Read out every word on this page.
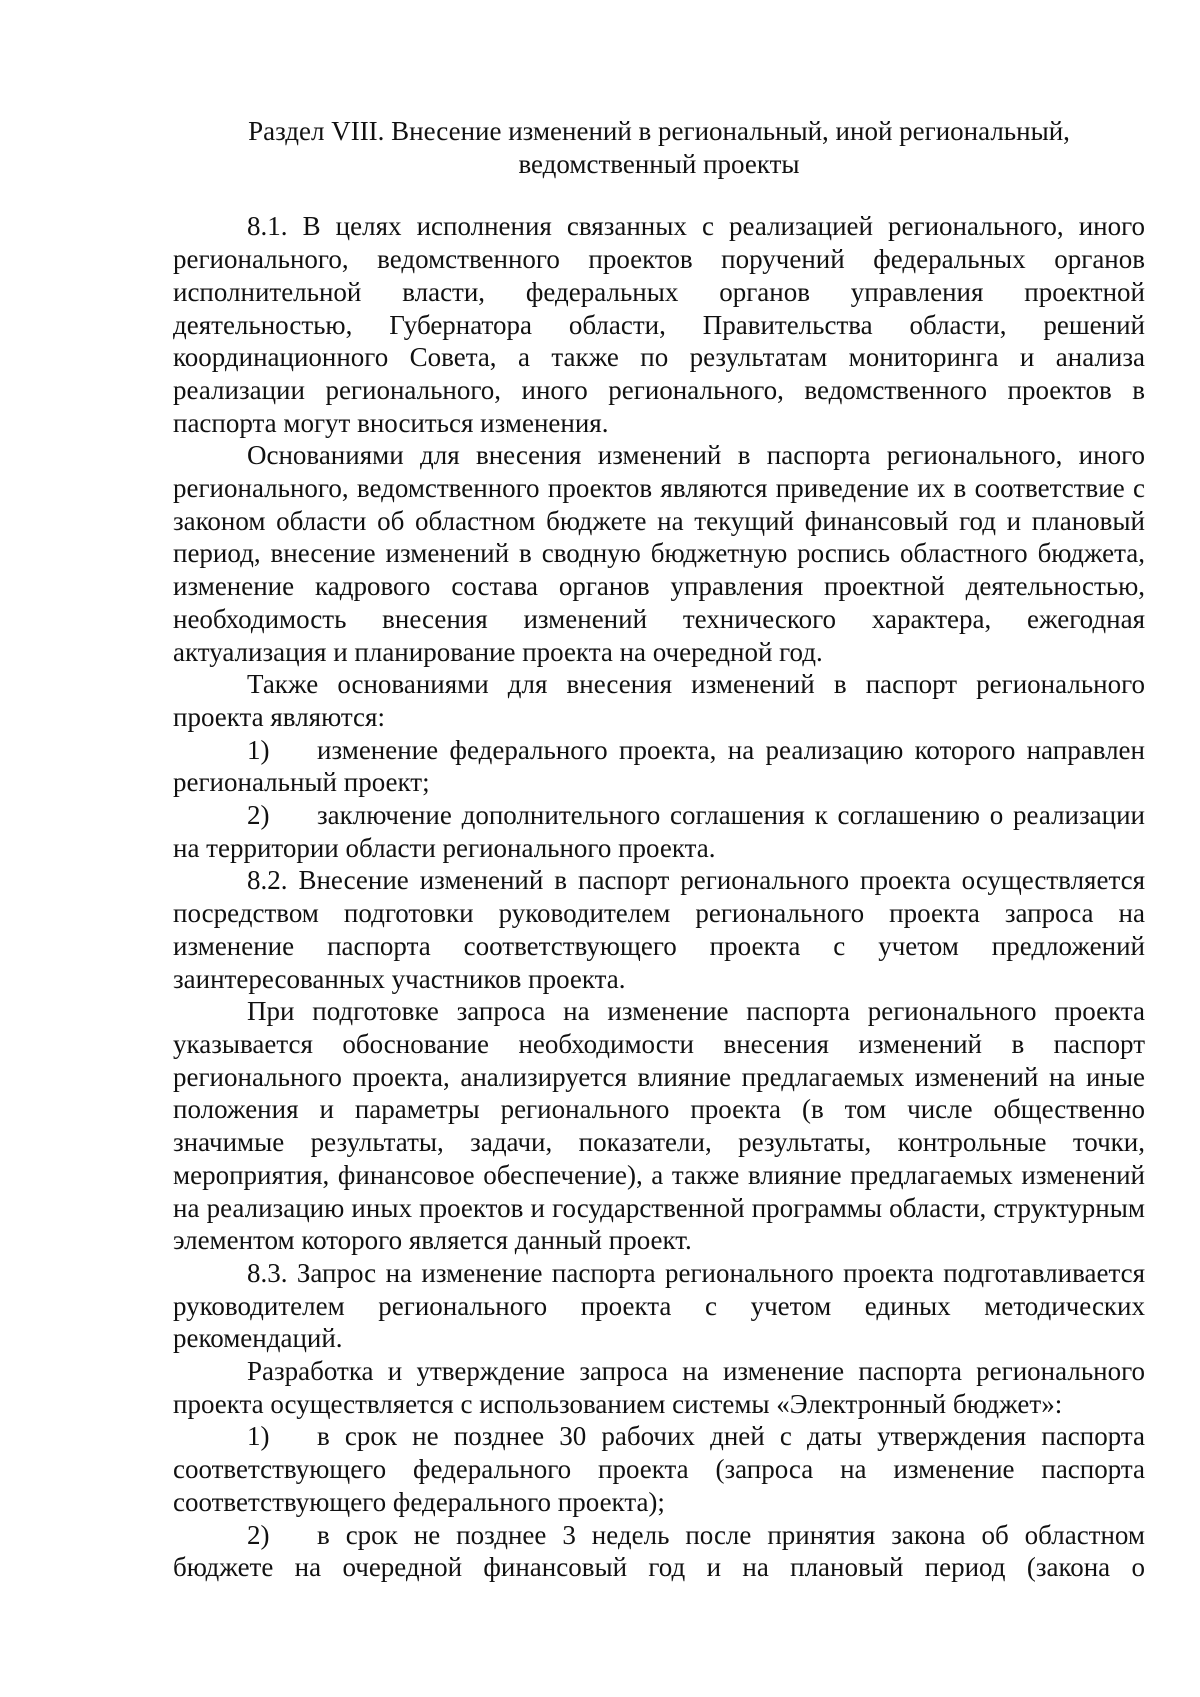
Раздел VIII. Внесение изменений в региональный, иной региональный,
ведомственный проекты

8.1. В целях исполнения связанных с реализацией регионального, иного регионального, ведомственного проектов поручений федеральных органов исполнительной власти, федеральных органов управления проектной деятельностью, Губернатора области, Правительства области, решений координационного Совета, а также по результатам мониторинга и анализа реализации регионального, иного регионального, ведомственного проектов в паспорта могут вноситься изменения.

Основаниями для внесения изменений в паспорта регионального, иного регионального, ведомственного проектов являются приведение их в соответствие с законом области об областном бюджете на текущий финансовый год и плановый период, внесение изменений в сводную бюджетную роспись областного бюджета, изменение кадрового состава органов управления проектной деятельностью, необходимость внесения изменений технического характера, ежегодная актуализация и планирование проекта на очередной год.

Также основаниями для внесения изменений в паспорт регионального проекта являются:

1) изменение федерального проекта, на реализацию которого направлен региональный проект;

2) заключение дополнительного соглашения к соглашению о реализации на территории области регионального проекта.

8.2. Внесение изменений в паспорт регионального проекта осуществляется посредством подготовки руководителем регионального проекта запроса на изменение паспорта соответствующего проекта с учетом предложений заинтересованных участников проекта.

При подготовке запроса на изменение паспорта регионального проекта указывается обоснование необходимости внесения изменений в паспорт регионального проекта, анализируется влияние предлагаемых изменений на иные положения и параметры регионального проекта (в том числе общественно значимые результаты, задачи, показатели, результаты, контрольные точки, мероприятия, финансовое обеспечение), а также влияние предлагаемых изменений на реализацию иных проектов и государственной программы области, структурным элементом которого является данный проект.

8.3. Запрос на изменение паспорта регионального проекта подготавливается руководителем регионального проекта с учетом единых методических рекомендаций.

Разработка и утверждение запроса на изменение паспорта регионального проекта осуществляется с использованием системы «Электронный бюджет»:

1) в срок не позднее 30 рабочих дней с даты утверждения паспорта соответствующего федерального проекта (запроса на изменение паспорта соответствующего федерального проекта);

2) в срок не позднее 3 недель после принятия закона об областном бюджете на очередной финансовый год и на плановый период (закона о
